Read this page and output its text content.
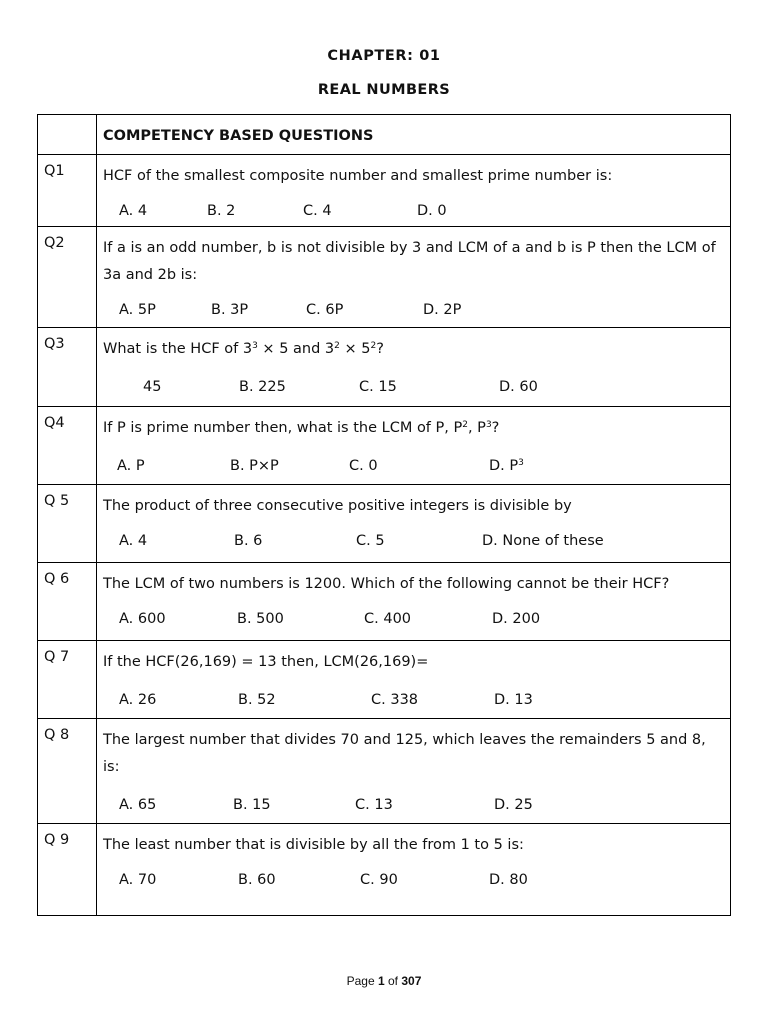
CHAPTER: 01
REAL NUMBERS
	COMPETENCY BASED QUESTIONS
Q1	HCF of the smallest composite number and smallest prime number is:
A. 4 B. 2 C. 4 D. 0

Q2	If a is an odd number, b is not divisible by 3 and LCM of a and b is P then the LCM of 3a and 2b is:
A. 5P B. 3P C. 6P D. 2P

Q3	What is the HCF of $3^3 \times 5$ and $3^2 \times 5^2$?
45 B. 225 C. 15 D. 60

Q4	If P is prime number then, what is the LCM of P, $P^2$, $P^3$?
A. P B. P×P C. 0 D. $P^3$

Q 5	The product of three consecutive positive integers is divisible by
A. 4 B. 6 C. 5 D. None of these

Q 6	The LCM of two numbers is 1200. Which of the following cannot be their HCF?
A. 600 B. 500 C. 400 D. 200

Q 7	If the HCF(26,169) = 13 then, LCM(26,169)=
A. 26 B. 52 C. 338 D. 13

Q 8	The largest number that divides 70 and 125, which leaves the remainders 5 and 8, is:
A. 65 B. 15 C. 13 D. 25

Q 9	The least number that is divisible by all the from 1 to 5 is:
A. 70 B. 60 C. 90 D. 80
Page 1 of 307
